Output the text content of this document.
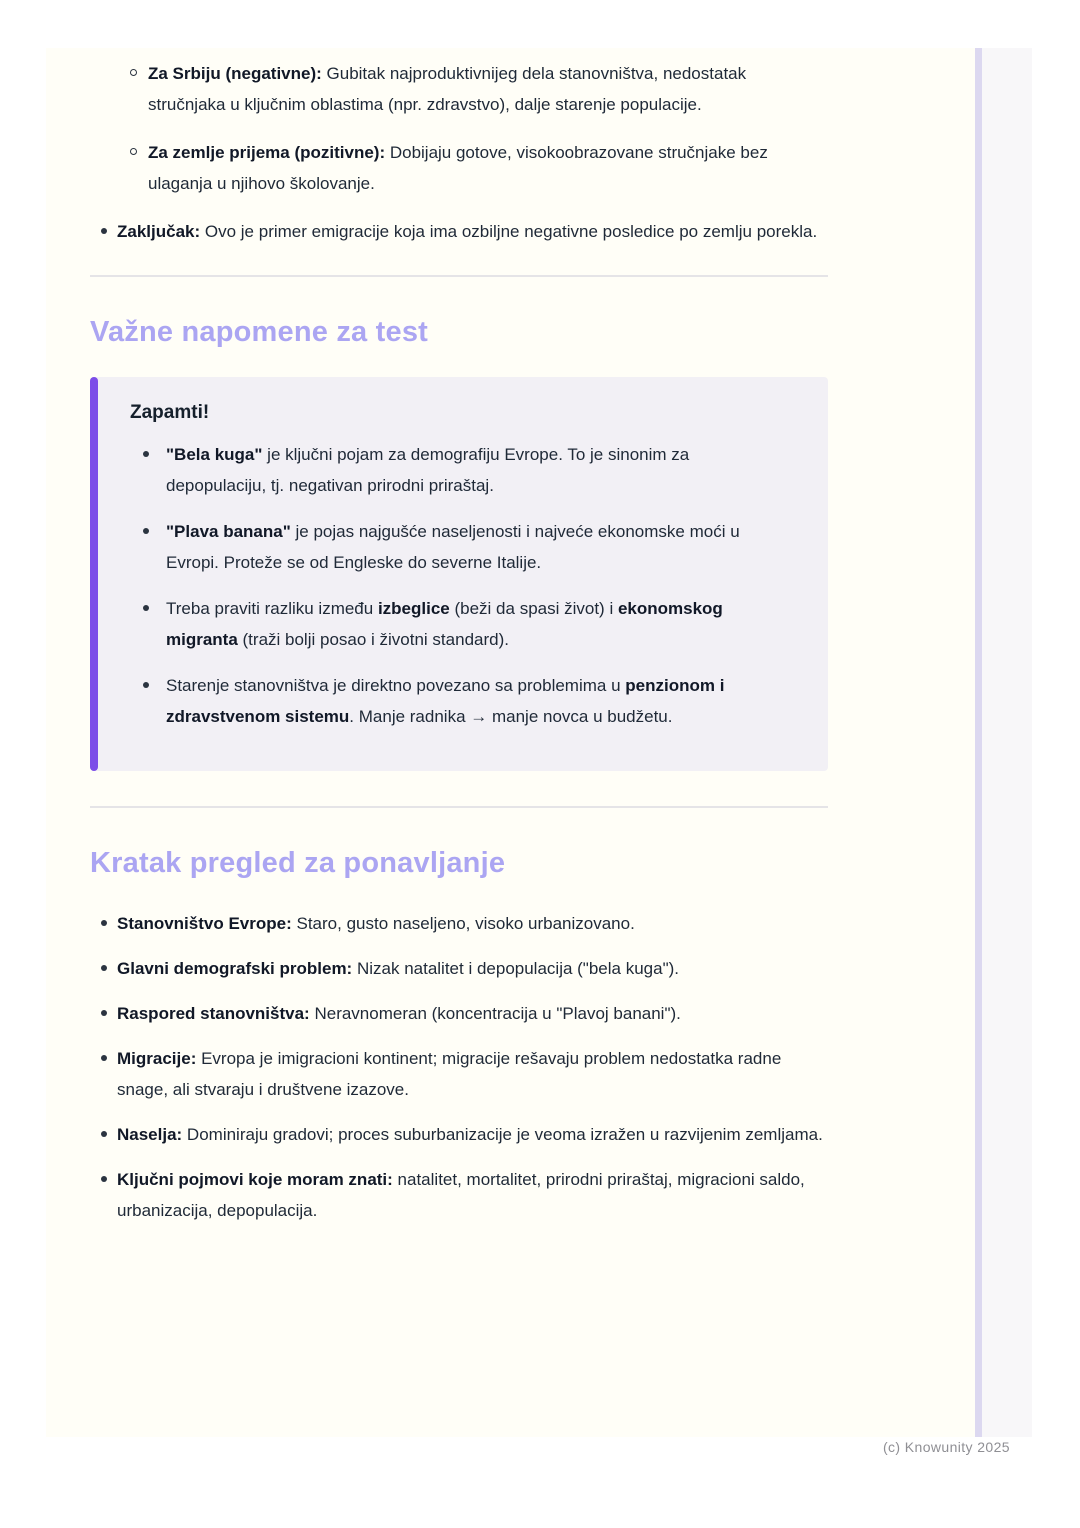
Za Srbiju (negativne): Gubitak najproduktivnijeg dela stanovništva, nedostatak stručnjaka u ključnim oblastima (npr. zdravstvo), dalje starenje populacije.
Za zemlje prijema (pozitivne): Dobijaju gotove, visokoobrazovane stručnjake bez ulaganja u njihovo školovanje.
Zaključak: Ovo je primer emigracije koja ima ozbiljne negativne posledice po zemlju porekla.
Važne napomene za test

Zapamti!

"Bela kuga" je ključni pojam za demografiju Evrope. To je sinonim za depopulaciju, tj. negativan prirodni priraštaj.
"Plava banana" je pojas najgušće naseljenosti i najveće ekonomske moći u Evropi. Proteže se od Engleske do severne Italije.
Treba praviti razliku između izbeglice (beži da spasi život) i ekonomskog migranta (traži bolji posao i životni standard).
Starenje stanovništva je direktno povezano sa problemima u penzionom i zdravstvenom sistemu. Manje radnika → manje novca u budžetu.
Kratak pregled za ponavljanje
Stanovništvo Evrope: Staro, gusto naseljeno, visoko urbanizovano.
Glavni demografski problem: Nizak natalitet i depopulacija ("bela kuga").
Raspored stanovništva: Neravnomeran (koncentracija u "Plavoj banani").
Migracije: Evropa je imigracioni kontinent; migracije rešavaju problem nedostatka radne snage, ali stvaraju i društvene izazove.
Naselja: Dominiraju gradovi; proces suburbanizacije je veoma izražen u razvijenim zemljama.
Ključni pojmovi koje moram znati: natalitet, mortalitet, prirodni priraštaj, migracioni saldo, urbanizacija, depopulacija.
(c) Knowunity 2025
